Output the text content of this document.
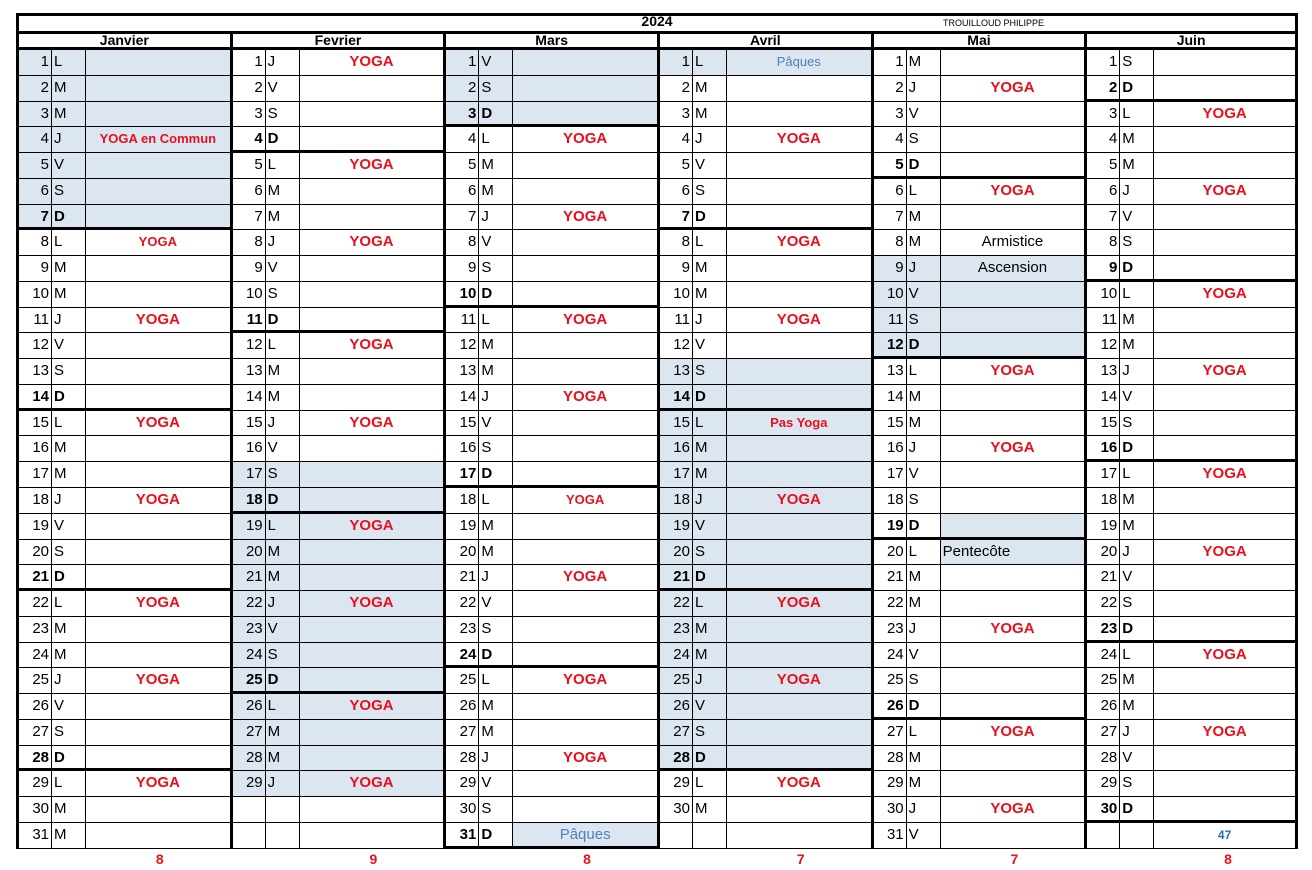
2024	TROUILLOUD PHILIPPE
Janvier
1 L
2 M
3 M
4 J	YOGA en Commun
5 V
6 S
7 D
8 L	YOGA
9 M
10 M
11 J	YOGA
12 V
13 S
14 D
15 L	YOGA
16 M
17 M
18 J	YOGA
19 V
20 S
21 D
22 L	YOGA
23 M
24 M
25 J	YOGA
26 V
27 S
28 D
29 L	YOGA
30 M
31 M
Fevrier
1 J	YOGA
2 V
3 S
4 D
5 L	YOGA
6 M
7 M
8 J	YOGA
9 V
10 S
11 D
12 L	YOGA
13 M
14 M
15 J	YOGA
16 V
17 S
18 D
19 L	YOGA
20 M
21 M
22 J	YOGA
23 V
24 S
25 D
26 L	YOGA
27 M
28 M
29 J	YOGA
Mars
1 V
2 S
3 D
4 L	YOGA
5 M
6 M
7 J	YOGA
8 V
9 S
10 D
11 L	YOGA
12 M
13 M
14 J	YOGA
15 V
16 S
17 D
18 L	YOGA
19 M
20 M
21 J	YOGA
22 V
23 S
24 D
25 L	YOGA
26 M
27 M
28 J	YOGA
29 V
30 S
31 D	Pâques
Avril
1 L	Pâques
2 M
3 M
4 J	YOGA
5 V
6 S
7 D
8 L	YOGA
9 M
10 M
11 J	YOGA
12 V
13 S
14 D
15 L	Pas Yoga
16 M
17 M
18 J	YOGA
19 V
20 S
21 D
22 L	YOGA
23 M
24 M
25 J	YOGA
26 V
27 S
28 D
29 L	YOGA
30 M
Mai
1 M
2 J	YOGA
3 V
4 S
5 D
6 L	YOGA
7 M
8 M	Armistice
9 J	Ascension
10 V
11 S
12 D
13 L	YOGA
14 M
15 M
16 J	YOGA
17 V
18 S
19 D
20 L	Pentecôte
21 M
22 M
23 J	YOGA
24 V
25 S
26 D
27 L	YOGA
28 M
29 M
30 J	YOGA
31 V
Juin
1 S
2 D
3 L	YOGA
4 M
5 M
6 J	YOGA
7 V
8 S
9 D
10 L	YOGA
11 M
12 M
13 J	YOGA
14 V
15 S
16 D
17 L	YOGA
18 M
19 M
20 J	YOGA
21 V
22 S
23 D
24 L	YOGA
25 M
26 M
27 J	YOGA
28 V
29 S
30 D
47
8	9	8	7	7	8
